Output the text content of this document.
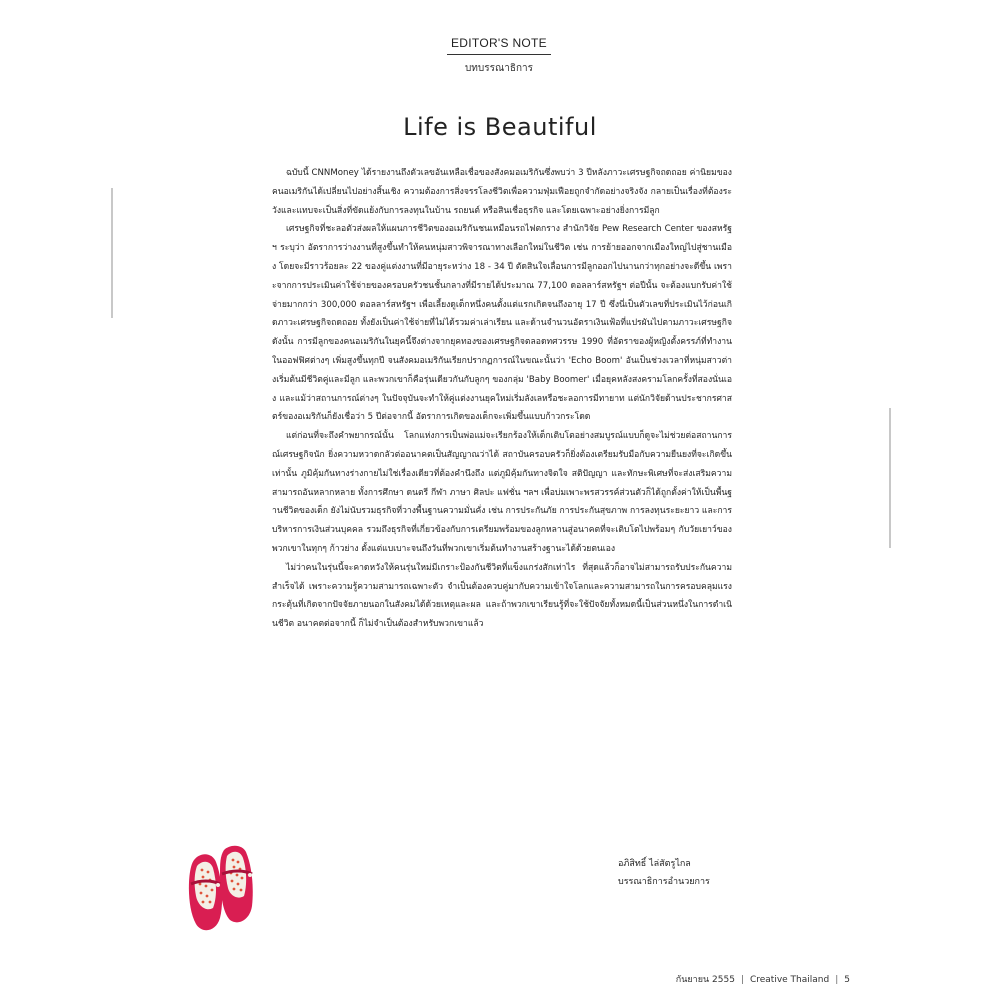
EDITOR'S NOTE
บทบรรณาธิการ
Life is Beautiful

ฉบับนี้ CNNMoney ได้รายงานถึงตัวเลขอันเหลือเชื่อของสังคมอเมริกันซึ่งพบว่า 3 ปีหลังภาวะเศรษฐกิจถดถอย ค่านิยมของคนอเมริกันได้เปลี่ยนไปอย่างสิ้นเชิง ความต้องการสิ่งจรรโลงชีวิตเพื่อความฟุ่มเฟือยถูกจำกัดอย่างจริงจัง กลายเป็นเรื่องที่ต้องระวังและแทบจะเป็นสิ่งที่ขัดแย้งกับการลงทุนในบ้าน รถยนต์ หรือสินเชื่อธุรกิจ และโดยเฉพาะอย่างยิ่งการมีลูก

เศรษฐกิจที่ชะลอตัวส่งผลให้แผนการชีวิตของอเมริกันชนเหมือนรถไฟตกราง สำนักวิจัย Pew Research Center ของสหรัฐฯ ระบุว่า อัตราการว่างงานที่สูงขึ้นทำให้คนหนุ่มสาวพิจารณาทางเลือกใหม่ในชีวิต เช่น การย้ายออกจากเมืองใหญ่ไปสู่ชานเมือง โดยจะมีราวร้อยละ 22 ของคู่แต่งงานที่มีอายุระหว่าง 18 - 34 ปี ตัดสินใจเลื่อนการมีลูกออกไปนานกว่าทุกอย่างจะดีขึ้น เพราะจากการประเมินค่าใช้จ่ายของครอบครัวชนชั้นกลางที่มีรายได้ประมาณ 77,100 ดอลลาร์สหรัฐฯ ต่อปีนั้น จะต้องแบกรับค่าใช้จ่ายมากกว่า 300,000 ดอลลาร์สหรัฐฯ เพื่อเลี้ยงดูเด็กหนึ่งคนตั้งแต่แรกเกิดจนถึงอายุ 17 ปี ซึ่งนี่เป็นตัวเลขที่ประเมินไว้ก่อนเกิดภาวะเศรษฐกิจถดถอย ทั้งยังเป็นค่าใช้จ่ายที่ไม่ได้รวมค่าเล่าเรียน และด้านจำนวนอัตราเงินเฟ้อที่แปรผันไปตามภาวะเศรษฐกิจ ดังนั้น การมีลูกของคนอเมริกันในยุคนี้จึงต่างจากยุคทองของเศรษฐกิจตลอดทศวรรษ 1990 ที่อัตราของผู้หญิงตั้งครรภ์ที่ทำงานในออฟฟิศต่างๆ เพิ่มสูงขึ้นทุกปี จนสังคมอเมริกันเรียกปรากฏการณ์ในขณะนั้นว่า 'Echo Boom' อันเป็นช่วงเวลาที่หนุ่มสาวต่างเริ่มต้นมีชีวิตคู่และมีลูก และพวกเขาก็คือรุ่นเดียวกันกับลูกๆ ของกลุ่ม 'Baby Boomer' เมื่อยุคหลังสงครามโลกครั้งที่สองนั่นเอง และแม้ว่าสถานการณ์ต่างๆ ในปัจจุบันจะทำให้คู่แต่งงานยุคใหม่เริ่มลังเลหรือชะลอการมีทายาท แต่นักวิจัยด้านประชากรศาสตร์ของอเมริกันก็ยังเชื่อว่า 5 ปีต่อจากนี้ อัตราการเกิดของเด็กจะเพิ่มขึ้นแบบก้าวกระโดด

แต่ก่อนที่จะถึงคำพยากรณ์นั้น โลกแห่งการเป็นพ่อแม่จะเรียกร้องให้เด็กเติบโตอย่างสมบูรณ์แบบก็ดูจะไม่ช่วยต่อสถานการณ์เศรษฐกิจนัก ยิ่งความหวาดกลัวต่ออนาคตเป็นสัญญาณว่าได้ สถาบันครอบครัวก็ยิ่งต้องเตรียมรับมือกับความยืนยงที่จะเกิดขึ้นเท่านั้น ภูมิคุ้มกันทางร่างกายไม่ใช่เรื่องเดียวที่ต้องคำนึงถึง แต่ภูมิคุ้มกันทางจิตใจ สติปัญญา และทักษะพิเศษที่จะส่งเสริมความสามารถอันหลากหลาย ทั้งการศึกษา ดนตรี กีฬา ภาษา ศิลปะ แฟชั่น ฯลฯ เพื่อบ่มเพาะพรสวรรค์ส่วนตัวก็ได้ถูกตั้งค่าให้เป็นพื้นฐานชีวิตของเด็ก ยังไม่นับรวมธุรกิจที่วางพื้นฐานความมั่นคั่ง เช่น การประกันภัย การประกันสุขภาพ การลงทุนระยะยาว และการบริหารการเงินส่วนบุคคล รวมถึงธุรกิจที่เกี่ยวข้องกับการเตรียมพร้อมของลูกหลานสู่อนาคตที่จะเติบโตไปพร้อมๆ กับวัยเยาว์ของพวกเขาในทุกๆ ก้าวย่าง ตั้งแต่แบเบาะจนถึงวันที่พวกเขาเริ่มต้นทำงานสร้างฐานะได้ด้วยตนเอง

ไม่ว่าคนในรุ่นนี้จะคาดหวังให้คนรุ่นใหม่มีเกราะป้องกันชีวิตที่แข็งแกร่งสักเท่าไร ที่สุดแล้วก็อาจไม่สามารถรับประกันความสำเร็จได้ เพราะความรู้ความสามารถเฉพาะตัว จำเป็นต้องควบคู่มากับความเข้าใจโลกและความสามารถในการครอบคลุมแรงกระตุ้นที่เกิดจากปัจจัยภายนอกในสังคมได้ด้วยเหตุและผล และถ้าพวกเขาเรียนรู้ที่จะใช้ปัจจัยทั้งหมดนี้เป็นส่วนหนึ่งในการดำเนินชีวิต อนาคตต่อจากนี้ ก็ไม่จำเป็นต้องสำหรับพวกเขาแล้ว

อภิสิทธิ์ ไล่สัตรูไกล
บรรณาธิการอำนวยการ
กันยายน 2555 | Creative Thailand | 5
